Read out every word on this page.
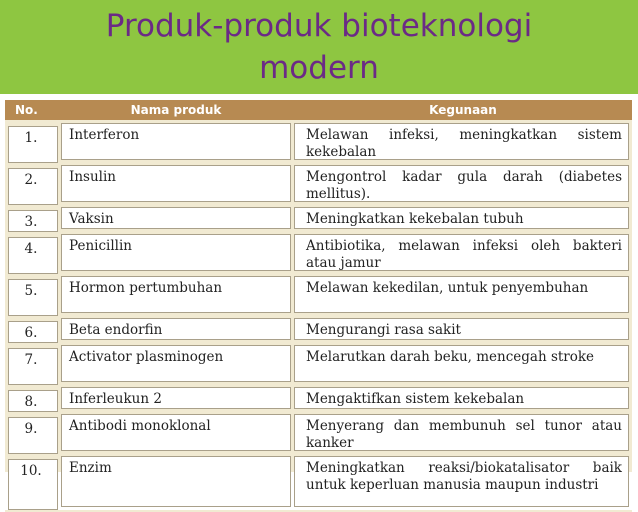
Produk-produk bioteknologi
modern
No.	Nama produk	Kegunaan

1.	Interferon	Melawan infeksi, meningkatkan sistem kekebalan

2.	Insulin	Mengontrol kadar gula darah (diabetes mellitus).

3.	Vaksin	Meningkatkan kekebalan tubuh

4.	Penicillin	Antibiotika, melawan infeksi oleh bakteri atau jamur

5.	Hormon pertumbuhan	Melawan kekedilan, untuk penyembuhan

6.	Beta endorfin	Mengurangi rasa sakit

7.	Activator plasminogen	Melarutkan darah beku, mencegah stroke

8.	Inferleukun 2	Mengaktifkan sistem kekebalan

9.	Antibodi monoklonal	Menyerang dan membunuh sel tunor atau kanker

10.	Enzim	Meningkatkan reaksi/biokatalisator baik untuk keperluan manusia maupun industri
